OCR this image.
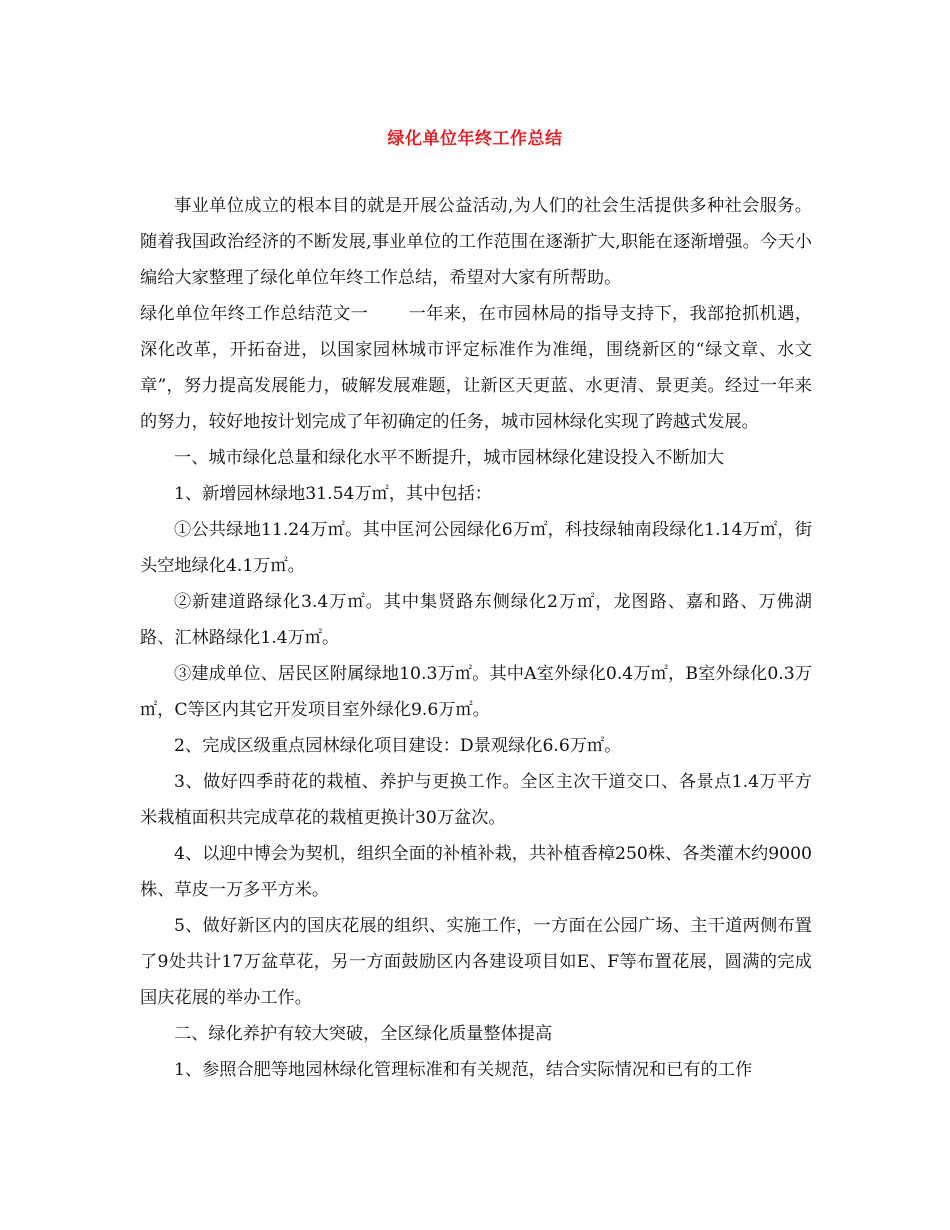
绿化单位年终工作总结

事业单位成立的根本目的就是开展公益活动,为人们的社会生活提供多种社会服务。随着我国政治经济的不断发展,事业单位的工作范围在逐渐扩大,职能在逐渐增强。今天小编给大家整理了绿化单位年终工作总结，希望对大家有所帮助。

绿化单位年终工作总结范文一 一年来，在市园林局的指导支持下，我部抢抓机遇，深化改革，开拓奋进，以国家园林城市评定标准作为准绳，围绕新区的“绿文章、水文章”，努力提高发展能力，破解发展难题，让新区天更蓝、水更清、景更美。经过一年来的努力，较好地按计划完成了年初确定的任务，城市园林绿化实现了跨越式发展。

一、城市绿化总量和绿化水平不断提升，城市园林绿化建设投入不断加大

1、新增园林绿地31.54万㎡，其中包括：

①公共绿地11.24万㎡。其中匡河公园绿化6万㎡，科技绿轴南段绿化1.14万㎡，街头空地绿化4.1万㎡。

②新建道路绿化3.4万㎡。其中集贤路东侧绿化2万㎡，龙图路、嘉和路、万佛湖路、汇林路绿化1.4万㎡。

③建成单位、居民区附属绿地10.3万㎡。其中A室外绿化0.4万㎡，B室外绿化0.3万㎡，C等区内其它开发项目室外绿化9.6万㎡。

2、完成区级重点园林绿化项目建设：D景观绿化6.6万㎡。

3、做好四季莳花的栽植、养护与更换工作。全区主次干道交口、各景点1.4万平方米栽植面积共完成草花的栽植更换计30万盆次。

4、以迎中博会为契机，组织全面的补植补栽，共补植香樟250株、各类灌木约9000株、草皮一万多平方米。

5、做好新区内的国庆花展的组织、实施工作，一方面在公园广场、主干道两侧布置了9处共计17万盆草花，另一方面鼓励区内各建设项目如E、F等布置花展，圆满的完成国庆花展的举办工作。

二、绿化养护有较大突破，全区绿化质量整体提高

1、参照合肥等地园林绿化管理标准和有关规范，结合实际情况和已有的工作
